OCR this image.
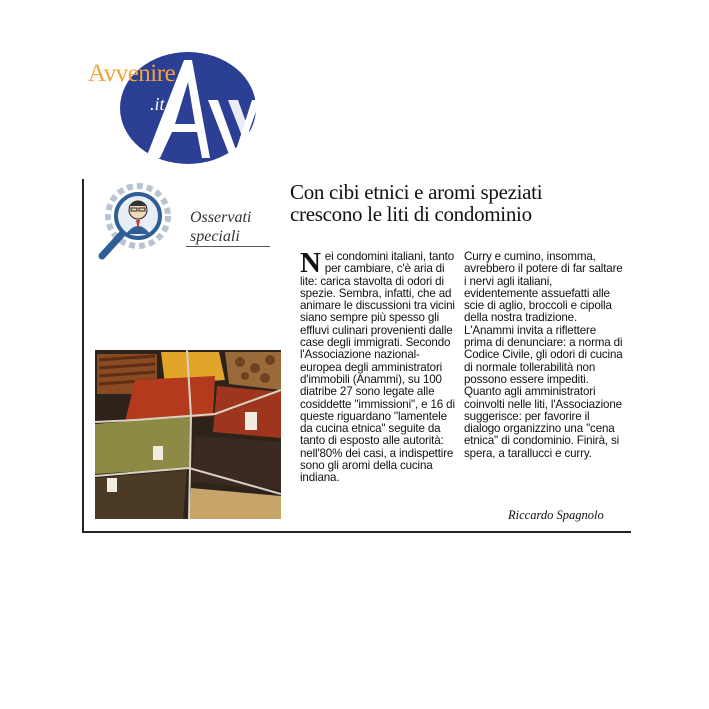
Avvenire
.it
Osservati
speciali
Con cibi etnici e aromi speziati
crescono le liti di condominio
N ei condomini italiani, tanto per cambiare, c'è aria di lite: carica stavolta di odori di spezie. Sembra, infatti, che ad animare le discussioni tra vicini siano sempre più spesso gli effluvi culinari provenienti dalle case degli immigrati. Secondo l'Associazione nazional-europea degli amministratori d'immobili (Anammi), su 100 diatribe 27 sono legate alle cosiddette "immissioni", e 16 di queste riguardano "lamentele da cucina etnica" seguite da tanto di esposto alle autorità: nell'80% dei casi, a indispettire sono gli aromi della cucina indiana.

Curry e cumino, insomma, avrebbero il potere di far saltare i nervi agli italiani, evidentemente assuefatti alle scie di aglio, broccoli e cipolla della nostra tradizione. L'Anammi invita a riflettere prima di denunciare: a norma di Codice Civile, gli odori di cucina di normale tollerabilità non possono essere impediti. Quanto agli amministratori coinvolti nelle liti, l'Associazione suggerisce: per favorire il dialogo organizzino una "cena etnica" di condominio. Finirà, si spera, a tarallucci e curry.

Riccardo Spagnolo
